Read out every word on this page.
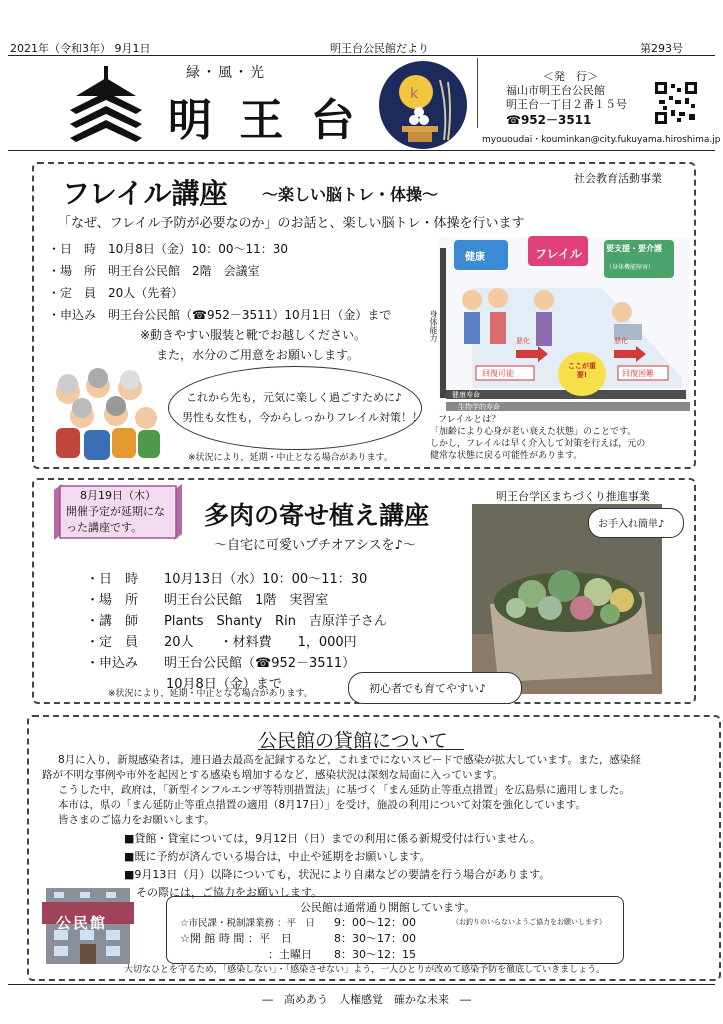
2021年（令和3年） 9月1日	明王台公民館だより	第293号
緑・風・光
明 王 台
k
＜発　行＞
福山市明王台公民館
明王台一丁目２番１５号
☎952－3511
myououdai・kouminkan@city.fukuyama.hiroshima.jp
社会教育活動事業
フレイル講座 ～楽しい脳トレ・体操～
「なぜ、フレイル予防が必要なのか」のお話と、楽しい脳トレ・体操を行います
・日　時　 10月8日（金）10：00～11：30
・場　所　 明王台公民館　2階　会議室
・定　員　 20人（先着）
・申込み　 明王台公民館（☎952－3511）10月1日（金）まで
※動きやすい服装と靴でお越しください。
また，水分のご用意をお願いします。
これから先も，元気に楽しく過ごすために♪
男性も女性も，今からしっかりフレイル対策！！
※状況により，延期・中止となる場合があります。
健康	フレイル	要支援・要介護
（身体機能障害）
身体能力	悪化	悪化
回復可能	回復困難
ここが重要!
健康寿命
生物学的寿命
フレイルとは？
「加齢により心身が老い衰えた状態」のことです。
しかし，フレイルは早く介入して対策を行えば，元の
健常な状態に戻る可能性があります。
8月19日（木）
開催予定が延期にな
った講座です。
明王台学区まちづくり推進事業
多肉の寄せ植え講座
～自宅に可愛いプチオアシスを♪～
・日　時　　 10月13日（水）10：00～11：30
・場　所　　 明王台公民館　1階　実習室
・講　師　　 Plants　Shanty　Rin　吉原洋子さん
・定　員　　 20人　　・材料費　　1，000円
・申込み　　 明王台公民館（☎952－3511）
10月8日（金）まで
※状況により，延期・中止となる場合があります。
お手入れ簡単♪
初心者でも育てやすい♪
公民館の貸館について
8月に入り，新規感染者は，連日過去最高を記録するなど，これまでにないスピードで感染が拡大しています。また，感染経
路が不明な事例や市外を起因とする感染も増加するなど，感染状況は深刻な局面に入っています。
こうした中，政府は，「新型インフルエンザ等特別措置法」に基づく「まん延防止等重点措置」を広島県に適用しました。
本市は，県の「まん延防止等重点措置の適用（8月17日）」を受け，施設の利用について対策を強化しています。
皆さまのご協力をお願いします。
■貸館・貸室については，9月12日（日）までの利用に係る新規受付は行いません。
■既に予約が済んでいる場合は，中止や延期をお願いします。
■9月13日（月）以降についても，状況により自粛などの要請を行う場合があります。
その際には，ご協力をお願いします。
公民館
公民館は通常通り開館しています。
☆市民課・税制課業務 ：平　日 9：00～12：00	（お釣りのいらないようご協力をお願いします）
☆開 館 時 間 ：平　日	8：30～17：00
：土曜日 8：30～12：15
大切なひとを守るため，「感染しない」・「感染させない」よう，一人ひとりが改めて感染予防を徹底していきましょう。
―　高めあう　人権感覚　確かな未来　―
